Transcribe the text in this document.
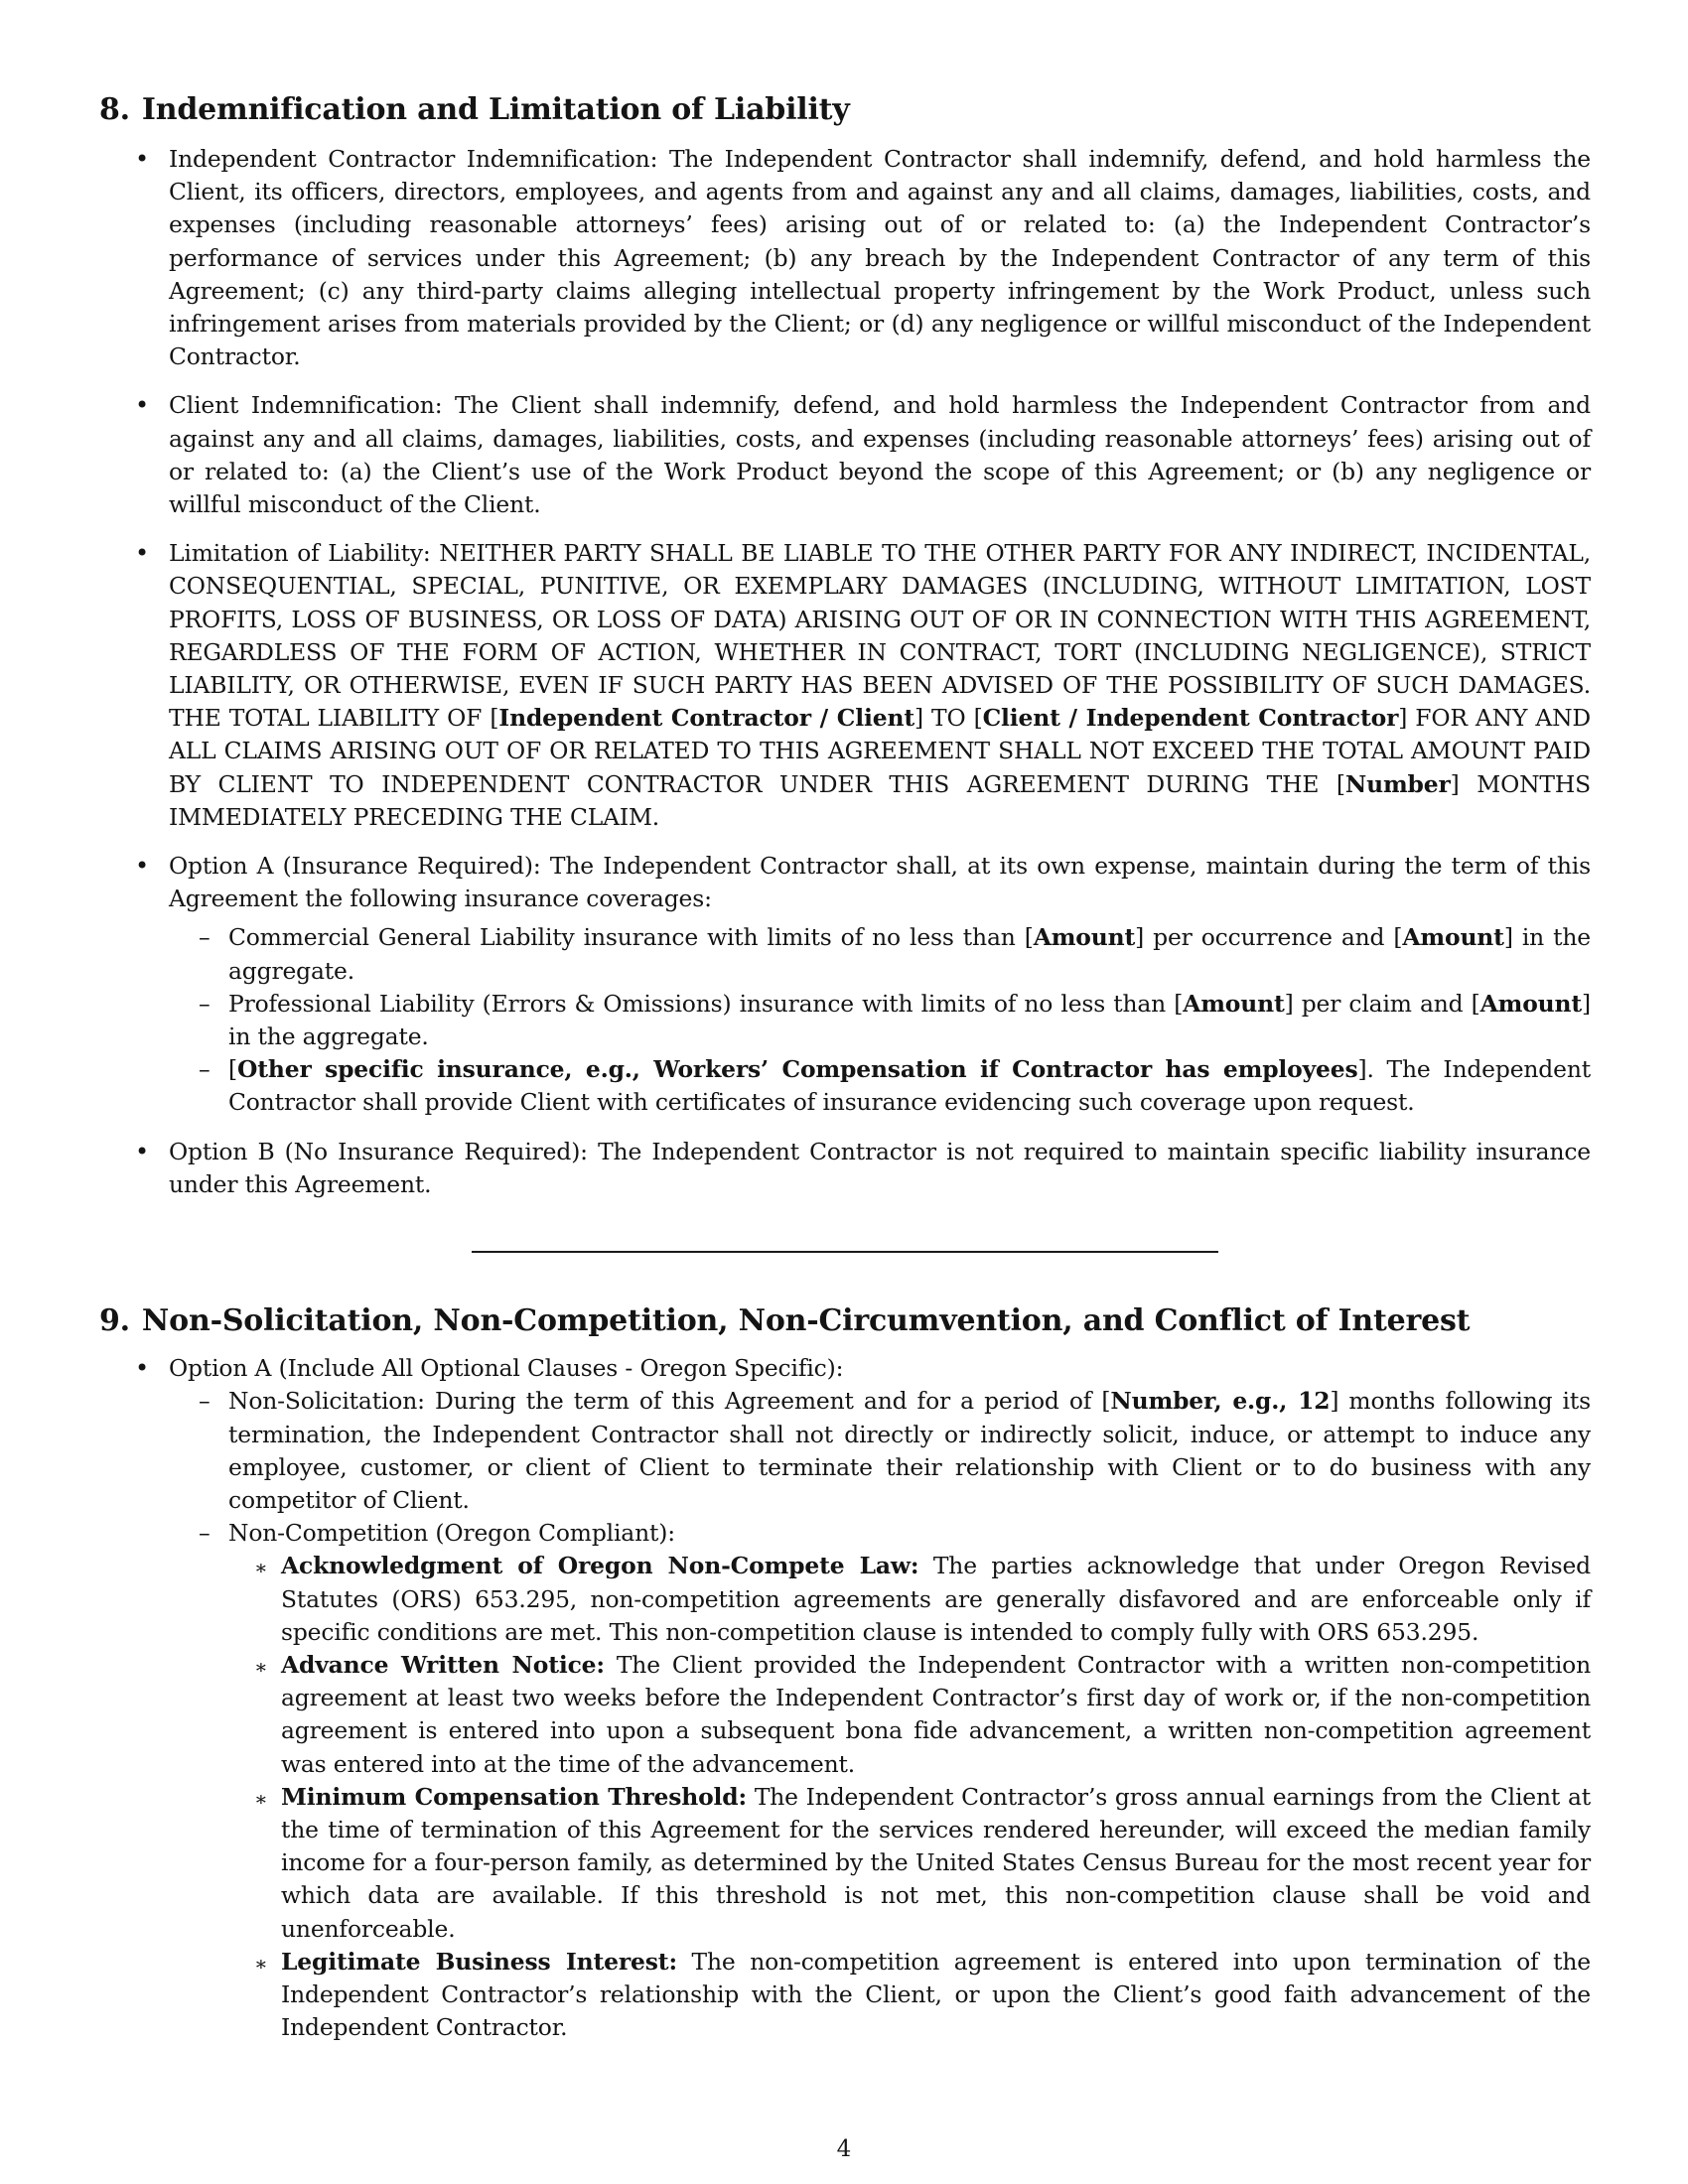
8. Indemnification and Limitation of Liability
• Independent Contractor Indemnification: The Independent Contractor shall indemnify, defend, and hold harmless the Client, its officers, directors, employees, and agents from and against any and all claims, damages, liabilities, costs, and expenses (including reasonable attorneys’ fees) arising out of or related to: (a) the Independent Contractor’s performance of services under this Agreement; (b) any breach by the Independent Contractor of any term of this Agreement; (c) any third-party claims alleging intellectual property infringement by the Work Product, unless such infringement arises from materials provided by the Client; or (d) any negligence or willful misconduct of the Independent Contractor.

• Client Indemnification: The Client shall indemnify, defend, and hold harmless the Independent Contractor from and against any and all claims, damages, liabilities, costs, and expenses (including reasonable attorneys’ fees) arising out of or related to: (a) the Client’s use of the Work Product beyond the scope of this Agreement; or (b) any negligence or willful misconduct of the Client.

• Limitation of Liability: NEITHER PARTY SHALL BE LIABLE TO THE OTHER PARTY FOR ANY INDIRECT, INCIDENTAL, CONSEQUENTIAL, SPECIAL, PUNITIVE, OR EXEMPLARY DAMAGES (INCLUDING, WITHOUT LIMITATION, LOST PROFITS, LOSS OF BUSINESS, OR LOSS OF DATA) ARISING OUT OF OR IN CONNECTION WITH THIS AGREEMENT, REGARDLESS OF THE FORM OF ACTION, WHETHER IN CONTRACT, TORT (INCLUDING NEGLIGENCE), STRICT LIABILITY, OR OTHERWISE, EVEN IF SUCH PARTY HAS BEEN ADVISED OF THE POSSIBILITY OF SUCH DAMAGES. THE TOTAL LIABILITY OF [Independent Contractor / Client] TO [Client / Independent Contractor] FOR ANY AND ALL CLAIMS ARISING OUT OF OR RELATED TO THIS AGREEMENT SHALL NOT EXCEED THE TOTAL AMOUNT PAID BY CLIENT TO INDEPENDENT CONTRACTOR UNDER THIS AGREEMENT DURING THE [Number] MONTHS IMMEDIATELY PRECEDING THE CLAIM.

• Option A (Insurance Required): The Independent Contractor shall, at its own expense, maintain during the term of this Agreement the following insurance coverages:

– Commercial General Liability insurance with limits of no less than [Amount] per occurrence and [Amount] in the aggregate.

– Professional Liability (Errors & Omissions) insurance with limits of no less than [Amount] per claim and [Amount] in the aggregate.

– [Other specific insurance, e.g., Workers’ Compensation if Contractor has employees]. The Independent Contractor shall provide Client with certificates of insurance evidencing such coverage upon request.

• Option B (No Insurance Required): The Independent Contractor is not required to maintain specific liability insurance under this Agreement.

9. Non-Solicitation, Non-Competition, Non-Circumvention, and Conflict of Interest
• Option A (Include All Optional Clauses - Oregon Specific):

– Non-Solicitation: During the term of this Agreement and for a period of [Number, e.g., 12] months following its termination, the Independent Contractor shall not directly or indirectly solicit, induce, or attempt to induce any employee, customer, or client of Client to terminate their relationship with Client or to do business with any competitor of Client.

– Non-Competition (Oregon Compliant):

∗ Acknowledgment of Oregon Non-Compete Law: The parties acknowledge that under Oregon Revised Statutes (ORS) 653.295, non-competition agreements are generally disfavored and are enforceable only if specific conditions are met. This non-competition clause is intended to comply fully with ORS 653.295.

∗ Advance Written Notice: The Client provided the Independent Contractor with a written non-competition agreement at least two weeks before the Independent Contractor’s first day of work or, if the non-competition agreement is entered into upon a subsequent bona fide advancement, a written non-competition agreement was entered into at the time of the advancement.

∗ Minimum Compensation Threshold: The Independent Contractor’s gross annual earnings from the Client at the time of termination of this Agreement for the services rendered hereunder, will exceed the median family income for a four-person family, as determined by the United States Census Bureau for the most recent year for which data are available. If this threshold is not met, this non-competition clause shall be void and unenforceable.

∗ Legitimate Business Interest: The non-competition agreement is entered into upon termination of the Independent Contractor’s relationship with the Client, or upon the Client’s good faith advancement of the Independent Contractor.

4
